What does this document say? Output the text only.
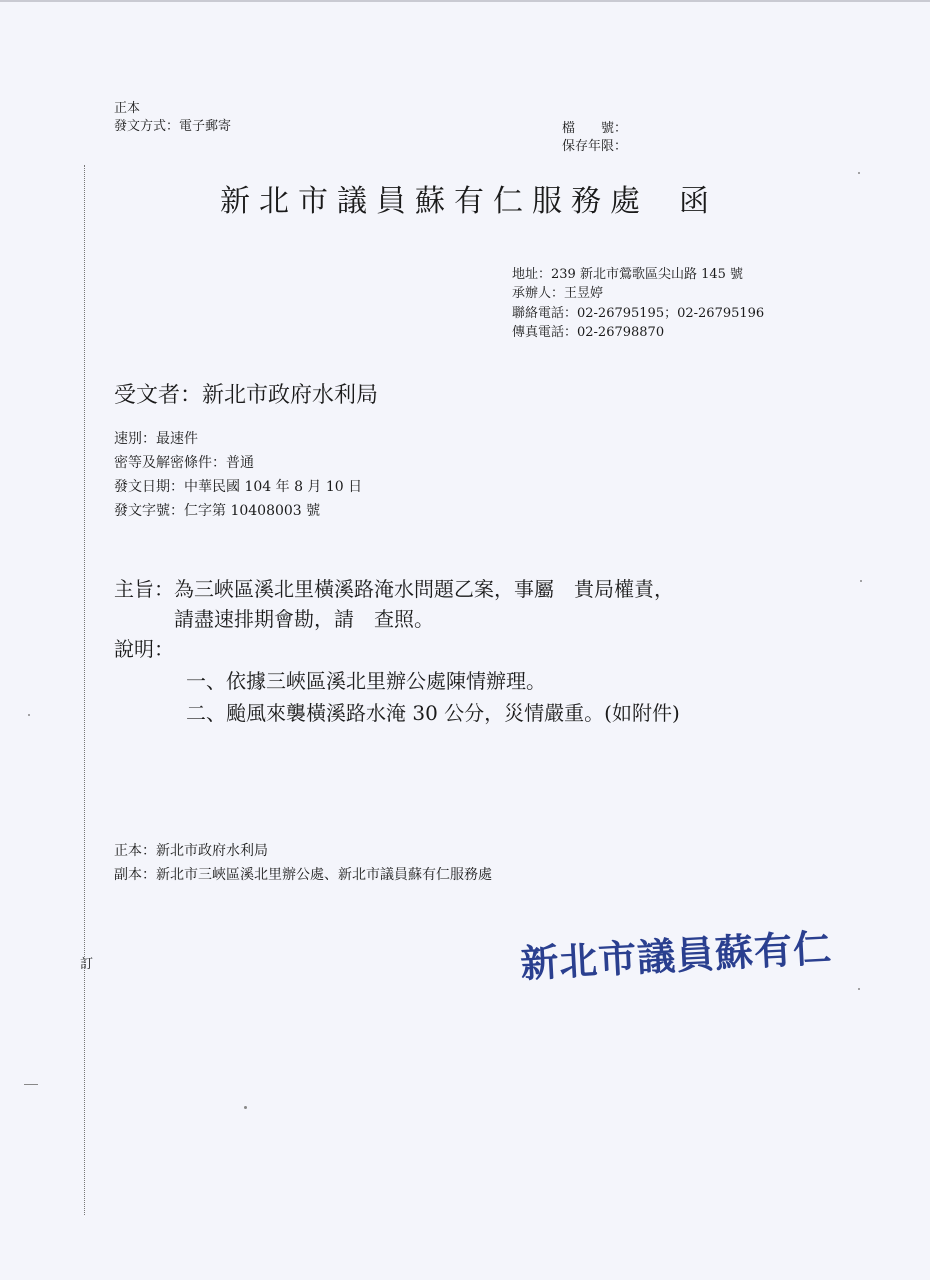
訂
正本
發文方式：電子郵寄	檔　　號：
保存年限：
新北市議員蘇有仁服務處 函
地址：239 新北市鶯歌區尖山路 145 號
承辦人：王昱婷
聯絡電話：02-26795195；02-26795196
傳真電話：02-26798870
受文者：新北市政府水利局
速別：最速件
密等及解密條件：普通
發文日期：中華民國 104 年 8 月 10 日
發文字號：仁字第 10408003 號
主旨：為三峽區溪北里橫溪路淹水問題乙案，事屬　貴局權責，
請盡速排期會勘，請　查照。
說明：
一、依據三峽區溪北里辦公處陳情辦理。
二、颱風來襲橫溪路水淹 30 公分，災情嚴重。(如附件)
正本：新北市政府水利局
副本：新北市三峽區溪北里辦公處、新北市議員蘇有仁服務處
新北市議員蘇有仁
